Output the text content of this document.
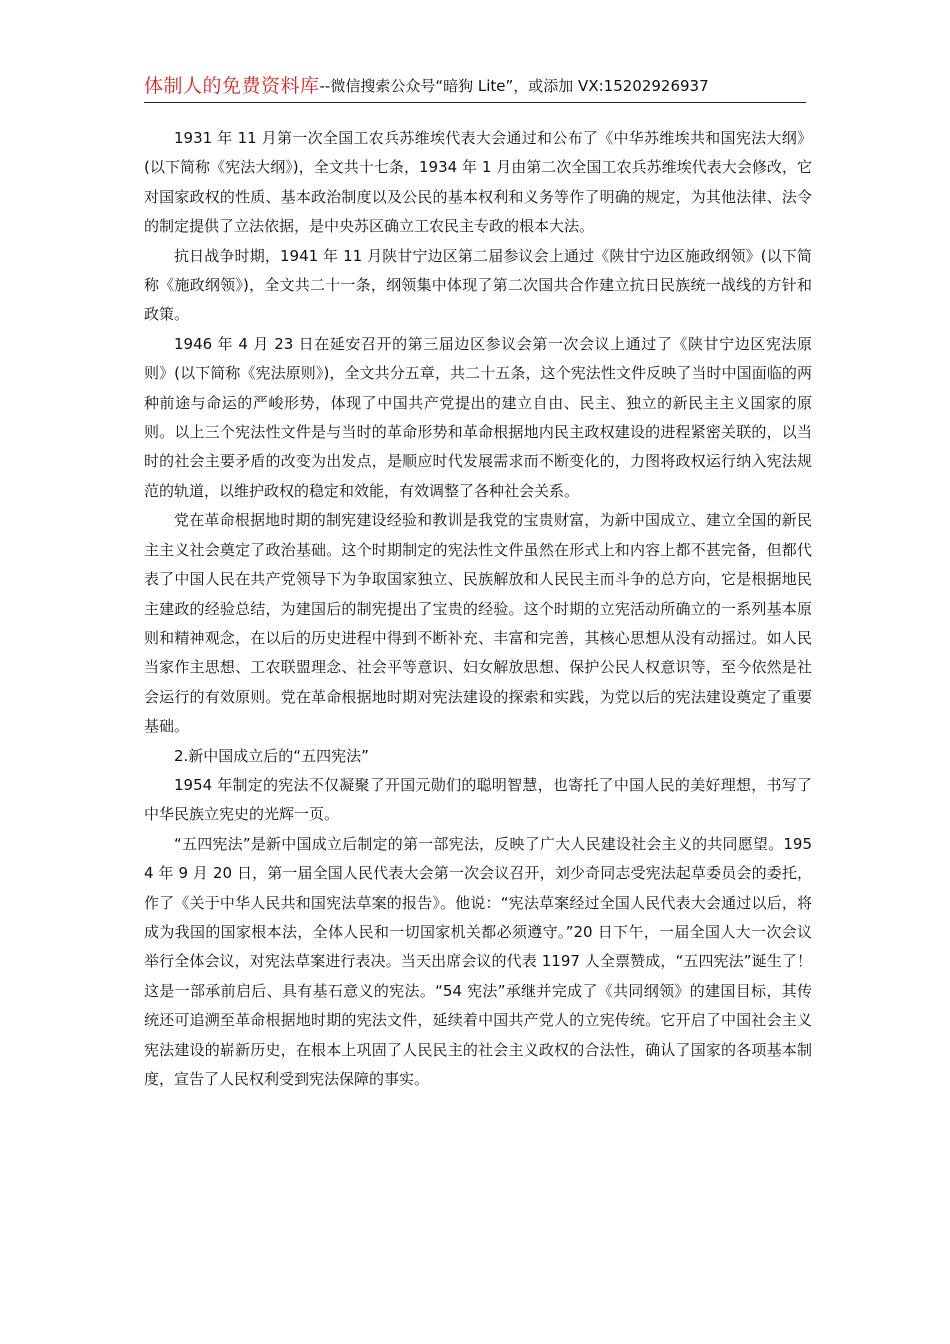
体制人的免费资料库--微信搜索公众号“暗狗 Lite”，或添加 VX:15202926937

1931 年 11 月第一次全国工农兵苏维埃代表大会通过和公布了《中华苏维埃共和国宪法大纲》(以下简称《宪法大纲》)，全文共十七条，1934 年 1 月由第二次全国工农兵苏维埃代表大会修改，它对国家政权的性质、基本政治制度以及公民的基本权利和义务等作了明确的规定，为其他法律、法令的制定提供了立法依据，是中央苏区确立工农民主专政的根本大法。

抗日战争时期，1941 年 11 月陕甘宁边区第二届参议会上通过《陕甘宁边区施政纲领》(以下简称《施政纲领》)，全文共二十一条，纲领集中体现了第二次国共合作建立抗日民族统一战线的方针和政策。

1946 年 4 月 23 日在延安召开的第三届边区参议会第一次会议上通过了《陕甘宁边区宪法原则》(以下简称《宪法原则》)，全文共分五章，共二十五条，这个宪法性文件反映了当时中国面临的两种前途与命运的严峻形势，体现了中国共产党提出的建立自由、民主、独立的新民主主义国家的原则。以上三个宪法性文件是与当时的革命形势和革命根据地内民主政权建设的进程紧密关联的，以当时的社会主要矛盾的改变为出发点，是顺应时代发展需求而不断变化的，力图将政权运行纳入宪法规范的轨道，以维护政权的稳定和效能，有效调整了各种社会关系。

党在革命根据地时期的制宪建设经验和教训是我党的宝贵财富，为新中国成立、建立全国的新民主主义社会奠定了政治基础。这个时期制定的宪法性文件虽然在形式上和内容上都不甚完备，但都代表了中国人民在共产党领导下为争取国家独立、民族解放和人民民主而斗争的总方向，它是根据地民主建政的经验总结，为建国后的制宪提出了宝贵的经验。这个时期的立宪活动所确立的一系列基本原则和精神观念，在以后的历史进程中得到不断补充、丰富和完善，其核心思想从没有动摇过。如人民当家作主思想、工农联盟理念、社会平等意识、妇女解放思想、保护公民人权意识等，至今依然是社会运行的有效原则。党在革命根据地时期对宪法建设的探索和实践，为党以后的宪法建设奠定了重要基础。

2.新中国成立后的“五四宪法”

1954 年制定的宪法不仅凝聚了开国元勋们的聪明智慧，也寄托了中国人民的美好理想，书写了中华民族立宪史的光辉一页。

“五四宪法”是新中国成立后制定的第一部宪法，反映了广大人民建设社会主义的共同愿望。1954 年 9 月 20 日，第一届全国人民代表大会第一次会议召开，刘少奇同志受宪法起草委员会的委托，作了《关于中华人民共和国宪法草案的报告》。他说：“宪法草案经过全国人民代表大会通过以后，将成为我国的国家根本法，全体人民和一切国家机关都必须遵守。”20 日下午，一届全国人大一次会议举行全体会议，对宪法草案进行表决。当天出席会议的代表 1197 人全票赞成，“五四宪法”诞生了！这是一部承前启后、具有基石意义的宪法。“54 宪法”承继并完成了《共同纲领》的建国目标，其传统还可追溯至革命根据地时期的宪法文件，延续着中国共产党人的立宪传统。它开启了中国社会主义宪法建设的崭新历史，在根本上巩固了人民民主的社会主义政权的合法性，确认了国家的各项基本制度，宣告了人民权利受到宪法保障的事实。
